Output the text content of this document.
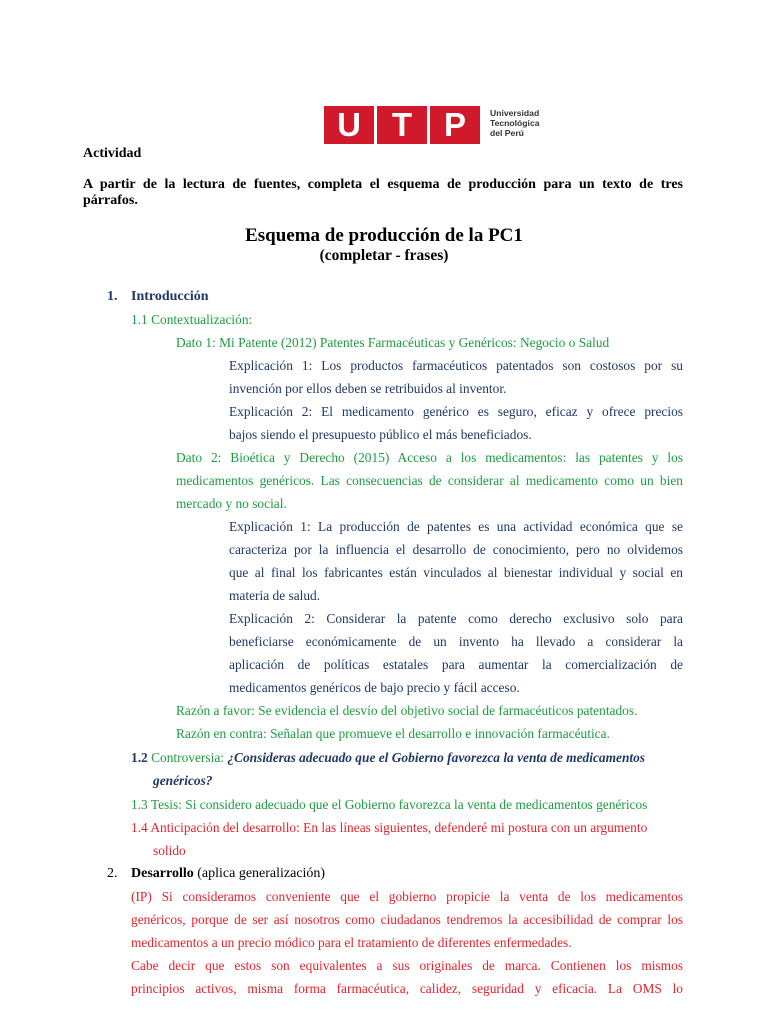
U T P	Universidad
Tecnológica
del Perú
Actividad
A partir de la lectura de fuentes, completa el esquema de producción para un texto de tres
párrafos.
Esquema de producción de la PC1
(completar - frases)
1. Introducción
1.1 Contextualización:
Dato 1: Mi Patente (2012) Patentes Farmacéuticas y Genéricos: Negocio o Salud
Explicación 1: Los productos farmacéuticos patentados son costosos por su
invención por ellos deben se retribuidos al inventor.
Explicación 2: El medicamento genérico es seguro, eficaz y ofrece precios
bajos siendo el presupuesto público el más beneficiados.
Dato 2: Bioética y Derecho (2015) Acceso a los medicamentos: las patentes y los
medicamentos genéricos. Las consecuencias de considerar al medicamento como un bien
mercado y no social.
Explicación 1: La producción de patentes es una actividad económica que se
caracteriza por la influencia el desarrollo de conocimiento, pero no olvidemos
que al final los fabricantes están vinculados al bienestar individual y social en
materia de salud.
Explicación 2: Considerar la patente como derecho exclusivo solo para
beneficiarse económicamente de un invento ha llevado a considerar la
aplicación de políticas estatales para aumentar la comercialización de
medicamentos genéricos de bajo precio y fácil acceso.
Razón a favor: Se evidencia el desvío del objetivo social de farmacéuticos patentados.
Razón en contra: Señalan que promueve el desarrollo e innovación farmacéutica.
1.2 Controversia: ¿Consideras adecuado que el Gobierno favorezca la venta de medicamentos
genéricos?
1.3 Tesis: Si considero adecuado que el Gobierno favorezca la venta de medicamentos genéricos
1.4 Anticipación del desarrollo: En las líneas siguientes, defenderé mi postura con un argumento
solido
2. Desarrollo (aplica generalización)
(IP) Si consideramos conveniente que el gobierno propicie la venta de los medicamentos
genéricos, porque de ser así nosotros como ciudadanos tendremos la accesibilidad de comprar los
medicamentos a un precio módico para el tratamiento de diferentes enfermedades.
Cabe decir que estos son equivalentes a sus originales de marca. Contienen los mismos
principios activos, misma forma farmacéutica, calidez, seguridad y eficacia. La OMS lo
